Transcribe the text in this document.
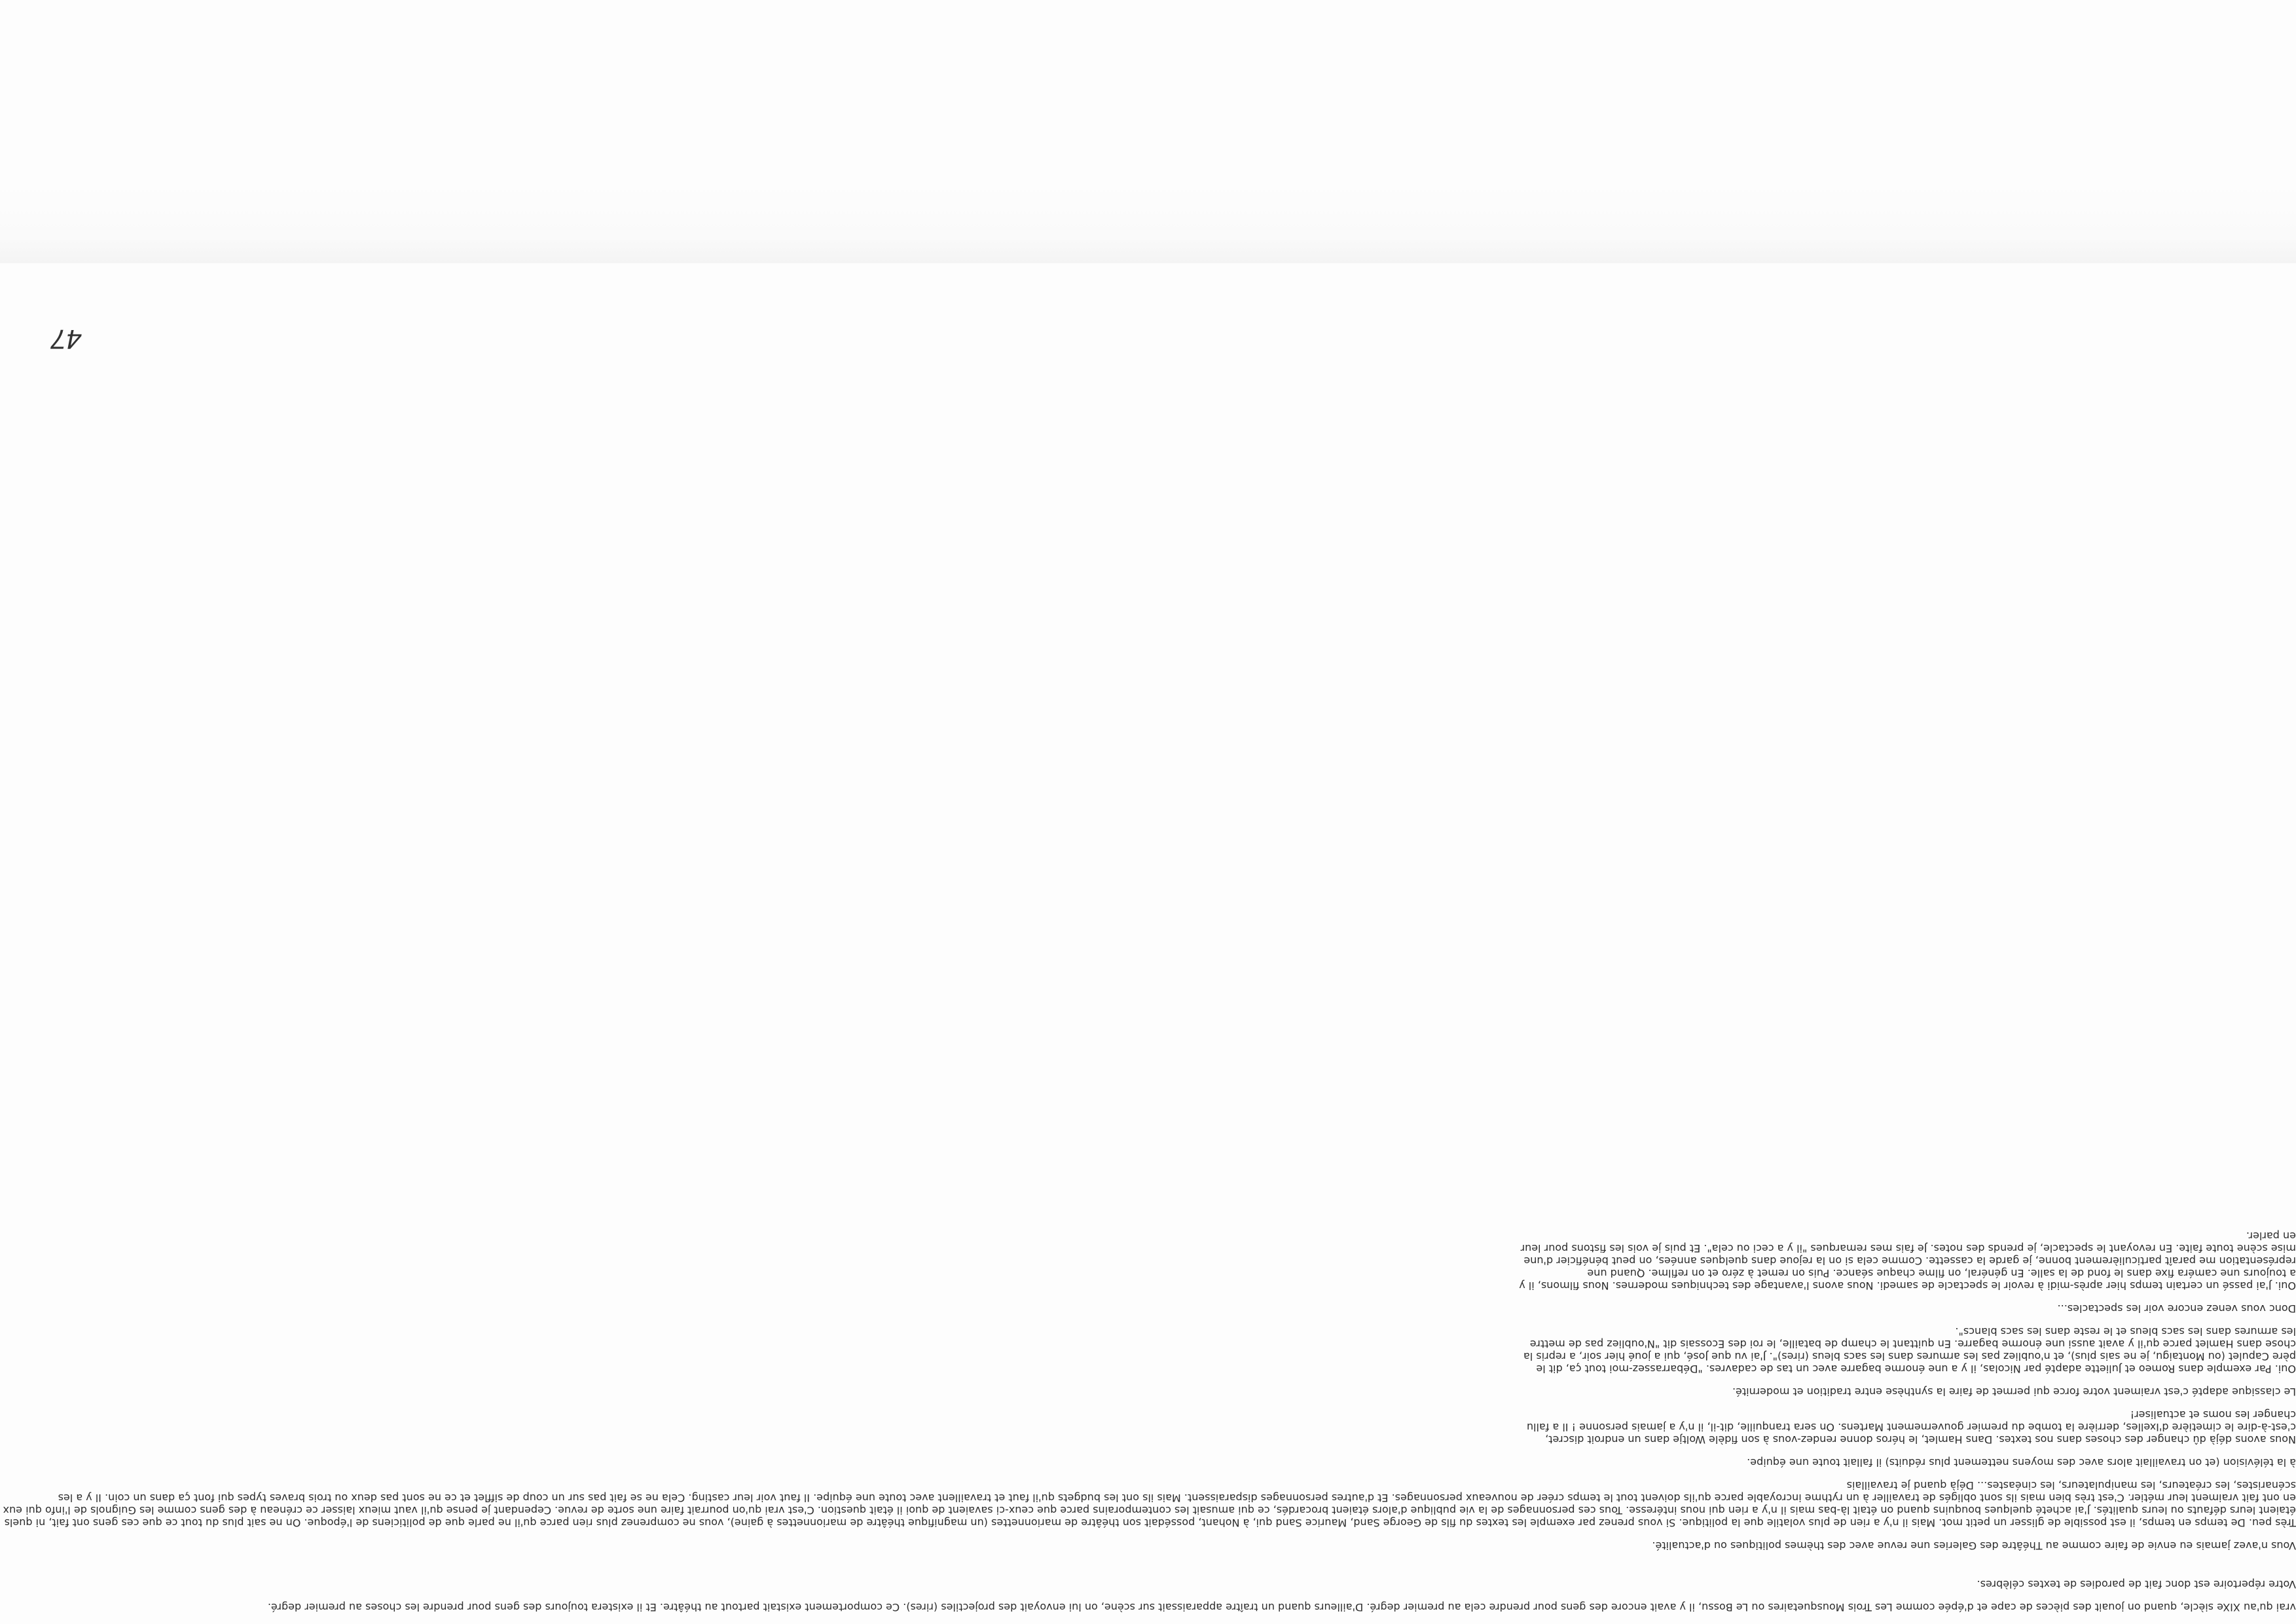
vrai qu'au XIXe siècle, quand on jouait des pièces de cape et d'épée comme Les Trois Mousquetaires ou Le Bossu, il y avait encore des gens pour prendre cela au premier degré. D'ailleurs quand un traître apparaissait sur scène, on lui envoyait des projectiles (rires). Ce comportement existait partout au théâtre. Et il existera toujours des gens pour prendre les choses au premier degré.

Votre répertoire est donc fait de parodies de textes célèbres.

Vous n'avez jamais eu envie de faire comme au Théâtre des Galeries une revue avec des thèmes politiques ou d'actualité.

Très peu. De temps en temps, il est possible de glisser un petit mot. Mais il n'y a rien de plus volatile que la politique. Si vous prenez par exemple les textes du fils de George Sand, Maurice Sand qui, à Nohant, possédait son théâtre de marionnettes (un magnifique théâtre de marionnettes à gaine), vous ne comprenez plus rien parce qu'il ne parle que de politiciens de l'époque. On ne sait plus du tout ce que ces gens ont fait, ni quels étaient leurs défauts ou leurs qualités. J'ai acheté quelques bouquins quand on était là-bas mais il n'y a rien qui nous intéresse. Tous ces personnages de la vie publique d'alors étaient brocardés, ce qui amusait les contemporains parce que ceux-ci savaient de quoi il était question. C'est vrai qu'on pourrait faire une sorte de revue. Cependant je pense qu'il vaut mieux laisser ce créneau à des gens comme les Guignols de l'info qui eux en ont fait vraiment leur métier. C'est très bien mais ils sont obligés de travailler à un rythme incroyable parce qu'ils doivent tout le temps créer de nouveaux personnages. Et d'autres personnages disparaissent. Mais ils ont les budgets qu'il faut et travaillent avec toute une équipe. Il faut voir leur casting. Cela ne se fait pas sur un coup de sifflet et ce ne sont pas deux ou trois braves types qui font ça dans un coin. Il y a les scénaristes, les créateurs, les manipulateurs, les cinéastes... Déjà quand je travaillais

à la télévision (et on travaillait alors avec des moyens nettement plus réduits) il fallait toute une équipe.

Nous avons déjà dû changer des choses dans nos textes. Dans Hamlet, le héros donne rendez-vous à son fidèle Woltje dans un endroit discret, c'est-à-dire le cimetière d'Ixelles, derrière la tombe du premier gouvernement Martens. On sera tranquille, dit-il, il n'y a jamais personne ! Il a fallu changer les noms et actualiser!

Le classique adapté c'est vraiment votre force qui permet de faire la synthèse entre tradition et modernité.

Oui. Par exemple dans Romeo et Juliette adapté par Nicolas, il y a une énorme bagarre avec un tas de cadavres. "Débarrassez-moi tout ça, dit le père Capulet (ou Montaigu, je ne sais plus), et n'oubliez pas les armures dans les sacs bleus (rires)". J'ai vu que José, qui a joué hier soir, a repris la chose dans Hamlet parce qu'il y avait aussi une énorme bagarre. En quittant le champ de bataille, le roi des Ecossais dit "N'oubliez pas de mettre les armures dans les sacs bleus et le reste dans les sacs blancs".

Donc vous venez encore voir les spectacles...

Oui. J'ai passé un certain temps hier après-midi à revoir le spectacle de samedi. Nous avons l'avantage des techniques modernes. Nous filmons, il y a toujours une caméra fixe dans le fond de la salle. En général, on filme chaque séance. Puis on remet à zéro et on refilme. Quand une représentation me paraît particulièrement bonne, je garde la cassette. Comme cela si on la rejoue dans quelques années, on peut bénéficier d'une mise scène toute faite. En revoyant le spectacle, je prends des notes. Je fais mes remarques "il y a ceci ou cela". Et puis je vois les fistons pour leur en parler.

47
